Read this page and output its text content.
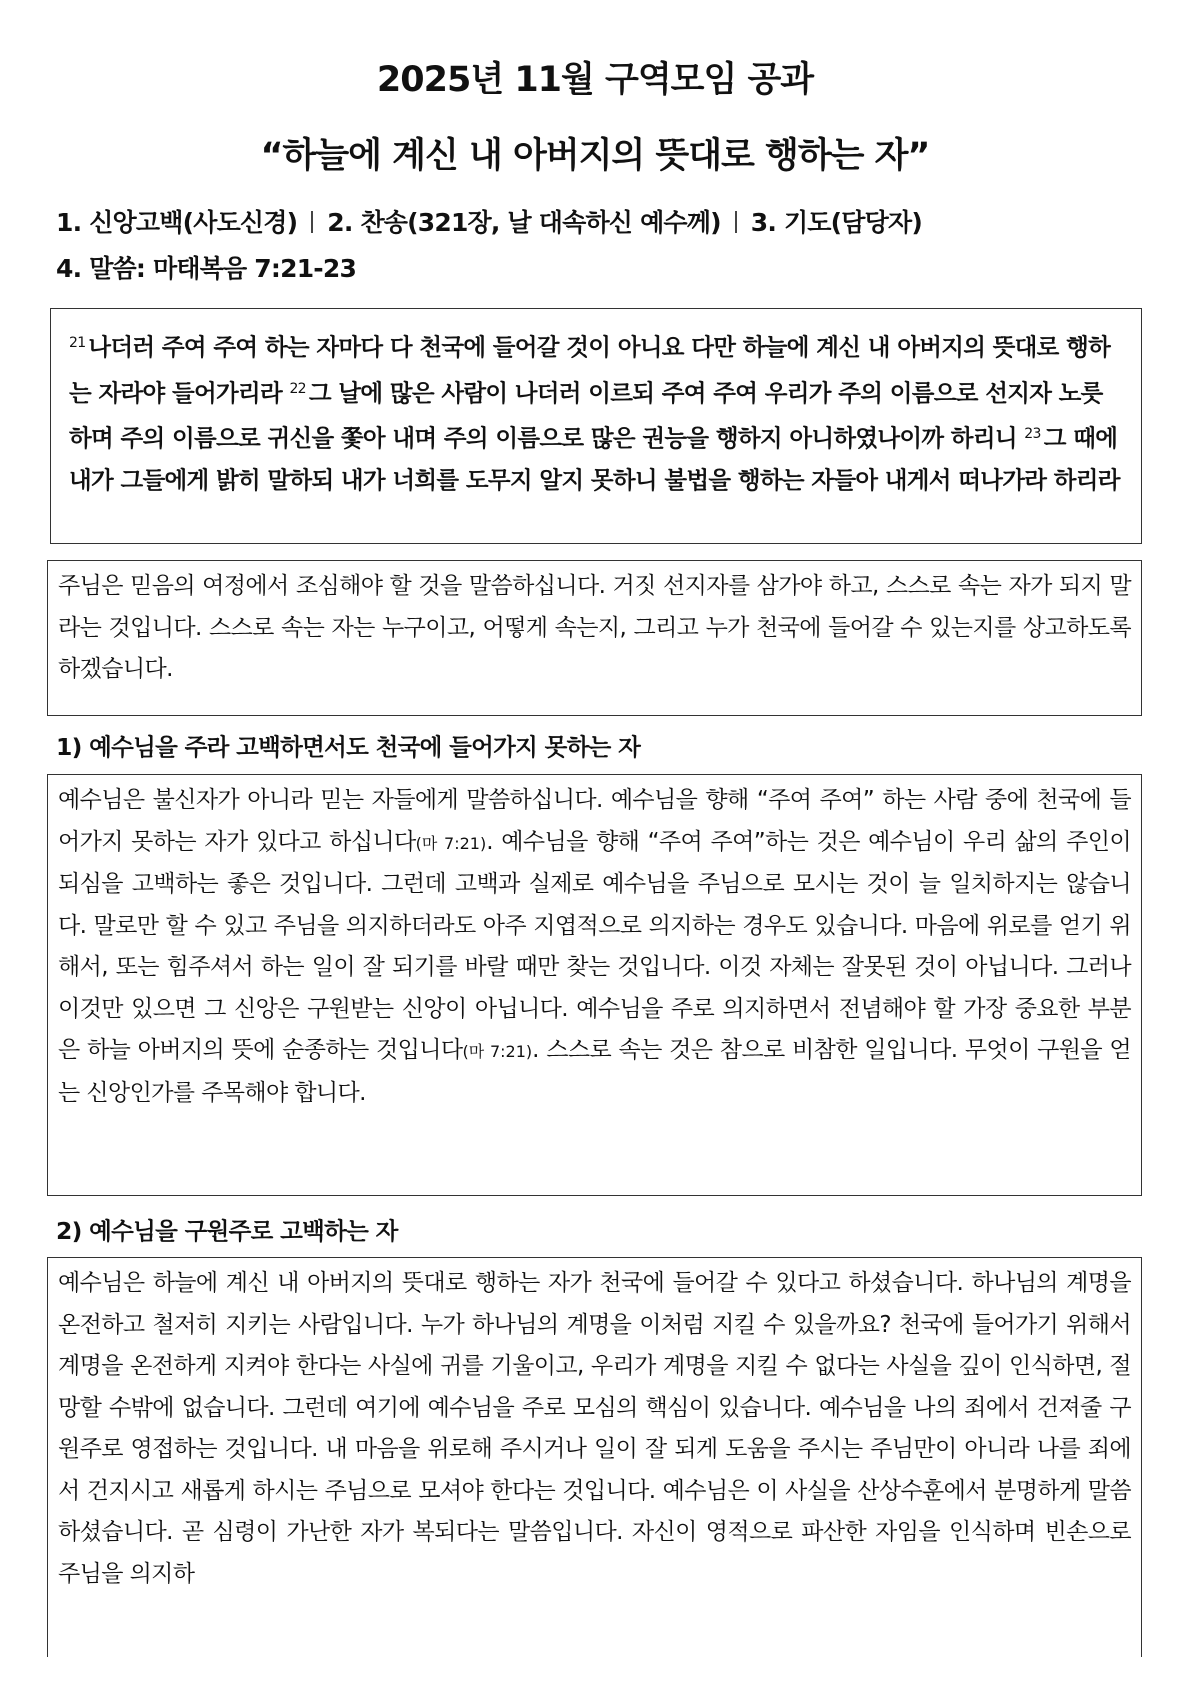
2025년 11월 구역모임 공과
“하늘에 계신 내 아버지의 뜻대로 행하는 자”

1. 신앙고백(사도신경) 2. 찬송(321장, 날 대속하신 예수께) 3. 기도(담당자)

4. 말씀: 마태복음 7:21-23

$^{21}$ 나더러 주여 주여 하는 자마다 다 천국에 들어갈 것이 아니요 다만 하늘에 계신 내 아버지의 뜻대로 행하는 자라야 들어가리라 $^{22}$ 그 날에 많은 사람이 나더러 이르되 주여 주여 우리가 주의 이름으로 선지자 노릇 하며 주의 이름으로 귀신을 쫓아 내며 주의 이름으로 많은 권능을 행하지 아니하였나이까 하리니 $^{23}$ 그 때에 내가 그들에게 밝히 말하되 내가 너희를 도무지 알지 못하니 불법을 행하는 자들아 내게서 떠나가라 하리라
주님은 믿음의 여정에서 조심해야 할 것을 말씀하십니다. 거짓 선지자를 삼가야 하고, 스스로 속는 자가 되지 말라는 것입니다. 스스로 속는 자는 누구이고, 어떻게 속는지, 그리고 누가 천국에 들어갈 수 있는지를 상고하도록 하겠습니다.
1) 예수님을 주라 고백하면서도 천국에 들어가지 못하는 자
예수님은 불신자가 아니라 믿는 자들에게 말씀하십니다. 예수님을 향해 “주여 주여” 하는 사람 중에 천국에 들어가지 못하는 자가 있다고 하십니다(마 7:21). 예수님을 향해 “주여 주여”하는 것은 예수님이 우리 삶의 주인이 되심을 고백하는 좋은 것입니다. 그런데 고백과 실제로 예수님을 주님으로 모시는 것이 늘 일치하지는 않습니다. 말로만 할 수 있고 주님을 의지하더라도 아주 지엽적으로 의지하는 경우도 있습니다. 마음에 위로를 얻기 위해서, 또는 힘주셔서 하는 일이 잘 되기를 바랄 때만 찾는 것입니다. 이것 자체는 잘못된 것이 아닙니다. 그러나 이것만 있으면 그 신앙은 구원받는 신앙이 아닙니다. 예수님을 주로 의지하면서 전념해야 할 가장 중요한 부분은 하늘 아버지의 뜻에 순종하는 것입니다(마 7:21). 스스로 속는 것은 참으로 비참한 일입니다. 무엇이 구원을 얻는 신앙인가를 주목해야 합니다.
2) 예수님을 구원주로 고백하는 자
예수님은 하늘에 계신 내 아버지의 뜻대로 행하는 자가 천국에 들어갈 수 있다고 하셨습니다. 하나님의 계명을 온전하고 철저히 지키는 사람입니다. 누가 하나님의 계명을 이처럼 지킬 수 있을까요? 천국에 들어가기 위해서 계명을 온전하게 지켜야 한다는 사실에 귀를 기울이고, 우리가 계명을 지킬 수 없다는 사실을 깊이 인식하면, 절망할 수밖에 없습니다. 그런데 여기에 예수님을 주로 모심의 핵심이 있습니다. 예수님을 나의 죄에서 건져줄 구원주로 영접하는 것입니다. 내 마음을 위로해 주시거나 일이 잘 되게 도움을 주시는 주님만이 아니라 나를 죄에서 건지시고 새롭게 하시는 주님으로 모셔야 한다는 것입니다. 예수님은 이 사실을 산상수훈에서 분명하게 말씀하셨습니다. 곧 심령이 가난한 자가 복되다는 말씀입니다. 자신이 영적으로 파산한 자임을 인식하며 빈손으로 주님을 의지하
